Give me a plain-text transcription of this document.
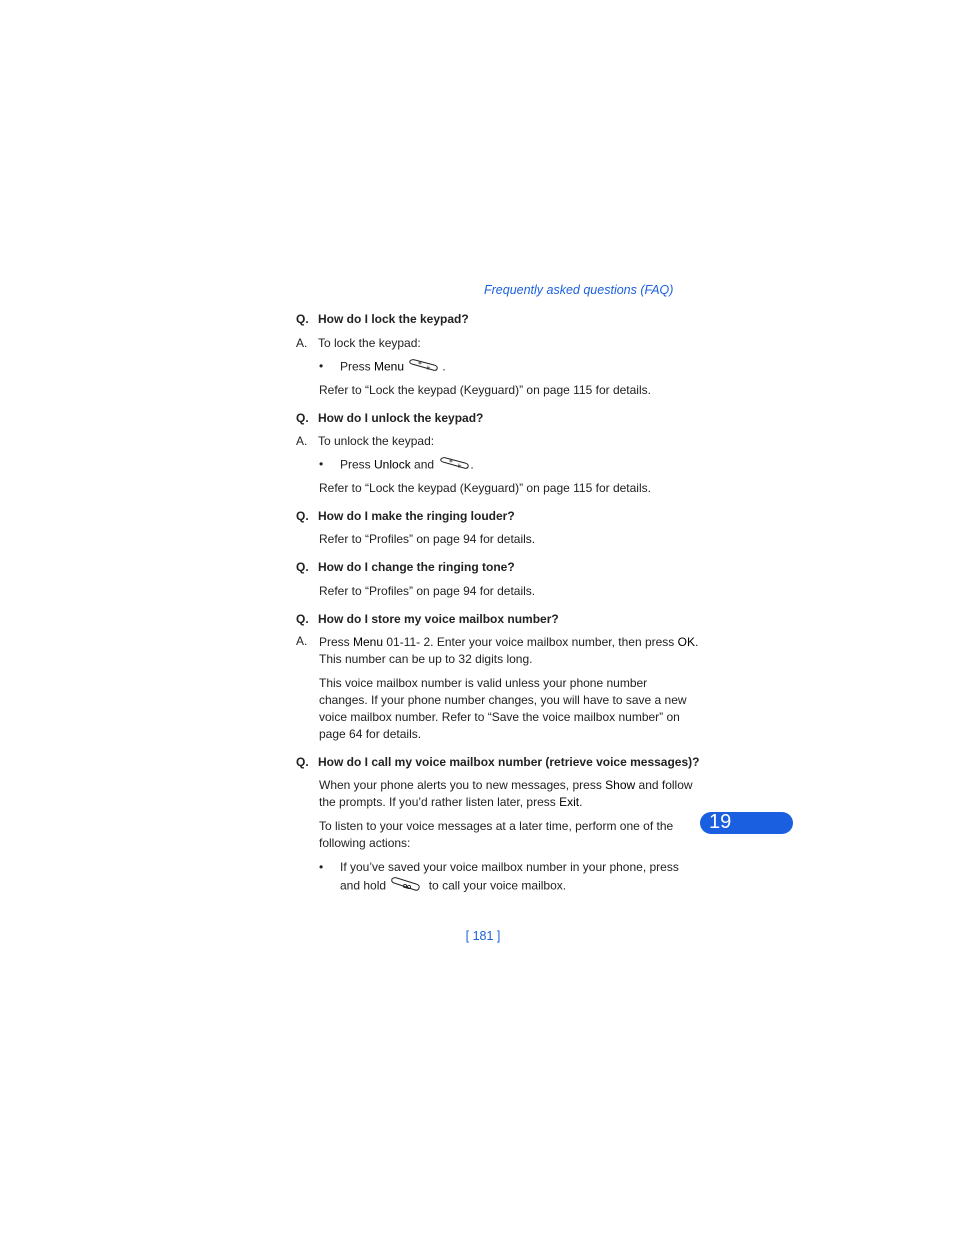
Frequently asked questions (FAQ)
Q. How do I lock the keypad?
A. To lock the keypad:
• Press Menu * + .
Refer to “Lock the keypad (Keyguard)” on page 115 for details.
Q. How do I unlock the keypad?
A. To unlock the keypad:
• Press Unlock and * + .
Refer to “Lock the keypad (Keyguard)” on page 115 for details.
Q. How do I make the ringing louder?
Refer to “Profiles” on page 94 for details.
Q. How do I change the ringing tone?
Refer to “Profiles” on page 94 for details.
Q. How do I store my voice mailbox number?
A. Press Menu 01-11- 2. Enter your voice mailbox number, then press OK. This number can be up to 32 digits long.
This voice mailbox number is valid unless your phone number changes. If your phone number changes, you will have to save a new voice mailbox number. Refer to “Save the voice mailbox number” on page 64 for details.
Q. How do I call my voice mailbox number (retrieve voice messages)?
When your phone alerts you to new messages, press Show and follow the prompts. If you’d rather listen later, press Exit.
To listen to your voice messages at a later time, perform one of the following actions:
• If you’ve saved your voice mailbox number in your phone, press and hold	to call your voice mailbox.
19
[ 181 ]
